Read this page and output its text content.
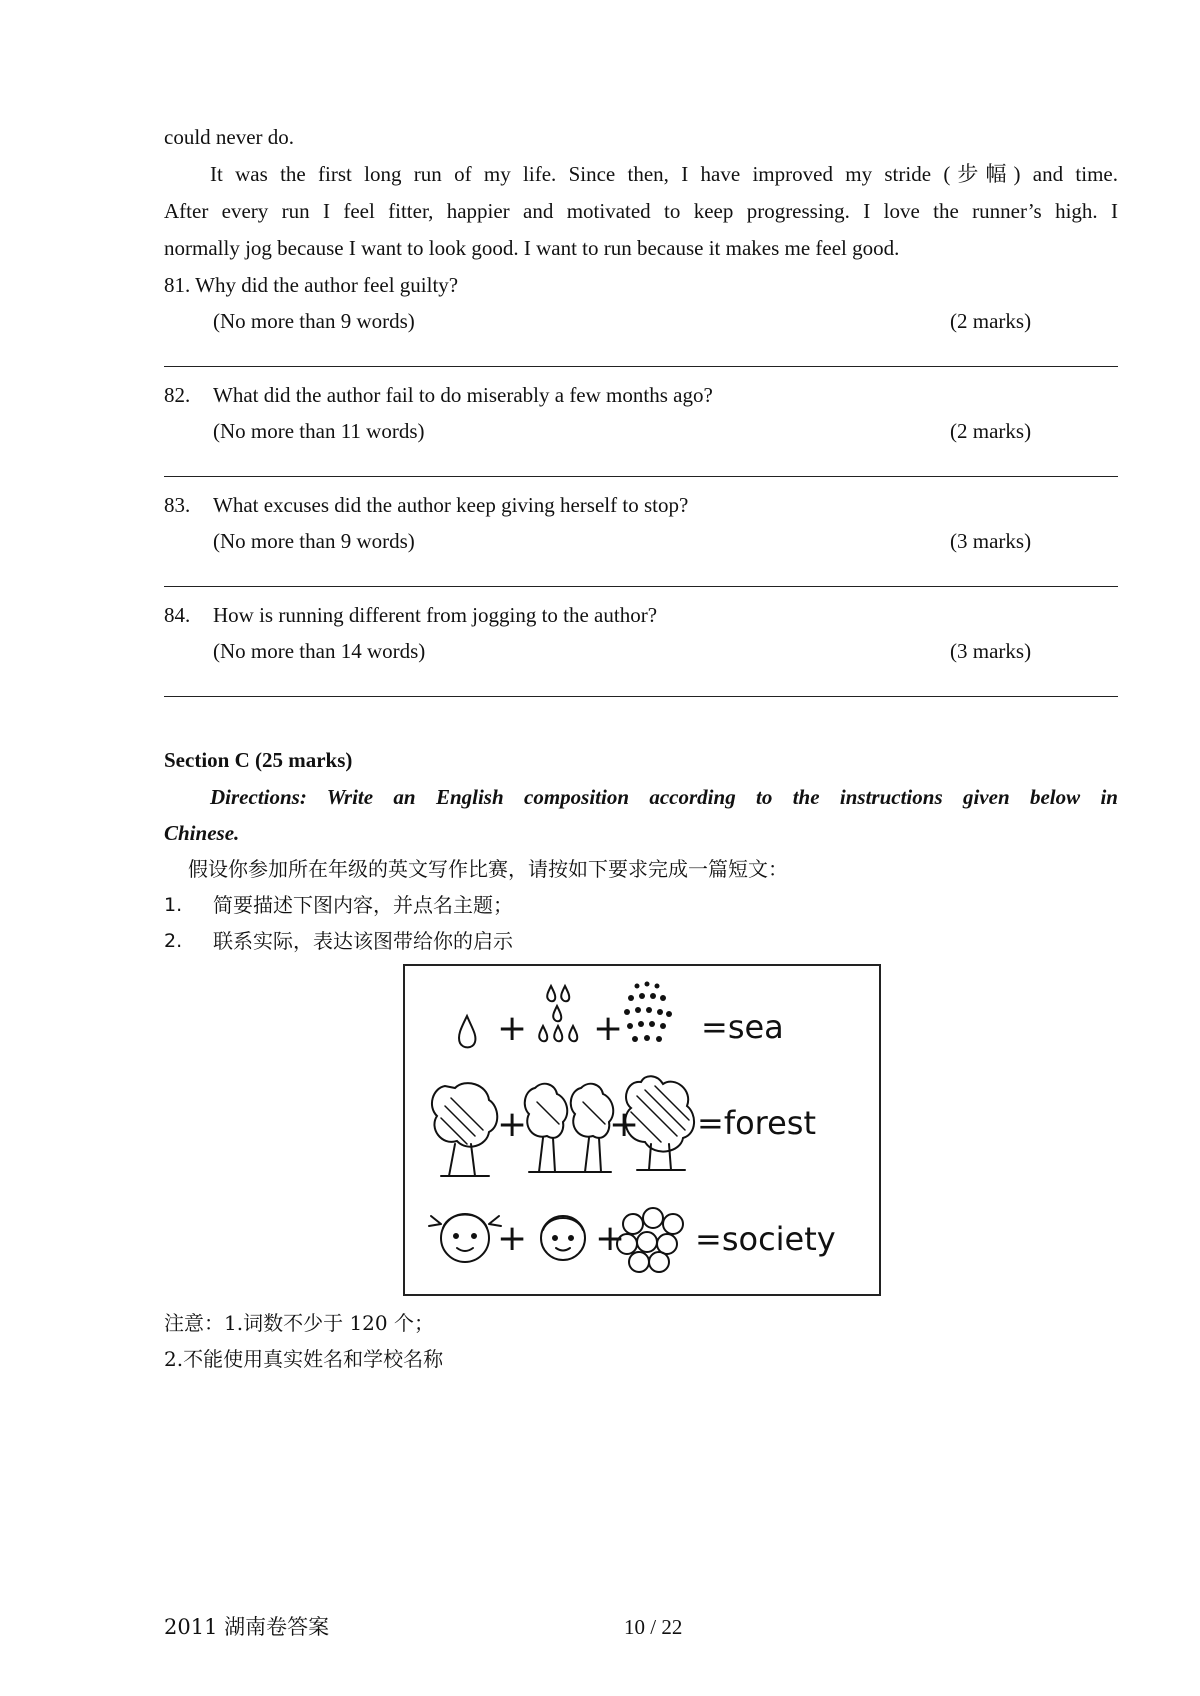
could never do.
It was the first long run of my life. Since then, I have improved my stride (步幅) and time.
After every run I feel fitter, happier and motivated to keep progressing. I love the runner’s high. I
normally jog because I want to look good. I want to run because it makes me feel good.
81. Why did the author feel guilty?
(No more than 9 words)	(2 marks)
82. What did the author fail to do miserably a few months ago?
(No more than 11 words)	(2 marks)
83. What excuses did the author keep giving herself to stop?
(No more than 9 words)	(3 marks)
84. How is running different from jogging to the author?
(No more than 14 words)	(3 marks)
Section C (25 marks)
Directions: Write an English composition according to the instructions given below in
Chinese.
假设你参加所在年级的英文写作比赛，请按如下要求完成一篇短文：
1. 简要描述下图内容，并点名主题；
2. 联系实际，表达该图带给你的启示
+ +
+ +
+ +
=sea
=forest
=society
注意：1.词数不少于 120 个；
2.不能使用真实姓名和学校名称
2011 湖南卷答案	10 / 22
